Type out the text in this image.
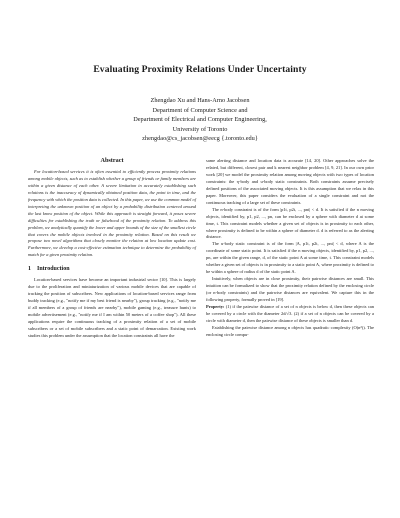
Evaluating Proximity Relations Under Uncertainty
Zhengdao Xu and Hans-Arno Jacobsen
Department of Computer Science and
Department of Electrical and Computer Engineering,
University of Toronto
zhengdao@cs_jacobsen@eecg {.toronto.edu}
Abstract

For location-based services it is often essential to efficiently process proximity relations among mobile objects, such as to establish whether a group of friends or family members are within a given distance of each other. A severe limitation in accurately establishing such relations is the inaccuracy of dynamically obtained position data, the point in time, and the frequency with which the position data is collected. In this paper, we use the common model of interpreting the unknown position of an object by a probability distribution centered around the last know position of the object. While this approach is straight forward, it poses severe difficulties for establishing the truth or falsehood of the proximity relation. To address this problem, we analytically quantify the lower and upper bounds of the size of the smallest circle that covers the mobile objects involved in the proximity relation. Based on this result we propose two novel algorithms that closely monitor the relation at low location update cost. Furthermore, we develop a cost-effective estimation technique to determine the probability of match for a given proximity relation.

1 Introduction

Location-based services have become an important industrial sector [10]. This is largely due to the proliferation and miniaturization of various mobile devices that are capable of tracking the position of subscribers. New applications of location-based services range from buddy tracking (e.g., "notify me if my best friend is nearby"), group tracking (e.g., "notify me if all members of a group of friends are nearby"), mobile gaming (e.g., treasure hunts) to mobile advertisement (e.g., "notify me if I am within 50 meters of a coffee shop"). All these applications require the continuous tracking of a proximity relation of a set of mobile subscribers or a set of mobile subscribers and a static point of demarcation. Existing work studies this problem under the assumption that the location constraints all have the

same alerting distance and location data is accurate [14, 20]. Other approaches solve the related, but different, closest pair and k nearest neighbor problem [4, 9, 21]. In our own prior work [20] we model the proximity relation among moving objects with two types of location constraints: the η-body and u-body static constraints. Both constraints assume precisely defined positions of the associated moving objects. It is this assumption that we relax in this paper. Moreover, this paper considers the evaluation of a single constraint and not the continuous tracking of a large set of these constraints.

The n-body constraint is of the form |p1t, p2t, ..., pnt| < d. It is satisfied if the n moving objects, identified by, p1, p2, ..., pn, can be enclosed by a sphere with diameter d at some time, t. This constraint models whether a given set of objects is in proximity to each other, where proximity is defined to be within a sphere of diameter d. d is referred to as the alerting distance.

The u-body static constraint is of the form |A, p1t, p2t, ..., pnt| < d, where A is the coordinate of some static point. It is satisfied if the n moving objects, identified by, p1, p2, ..., pn, are within the given range, d, of the static point A at some time, t. This constraint models whether a given set of objects is in proximity to a static point A, where proximity is defined to be within a sphere of radius d of the static point A.

Intuitively, when objects are in close proximity, their pairwise distances are small. This intuition can be formalized to show that the proximity relation defined by the enclosing circle (or n-body constraints) and the pairwise distances are equivalent. We capture this in the following property, formally proved in [19].

Property: (1) if the pairwise distance of a set of n objects is below d, then these objects can be covered by a circle with the diameter 2d/√3. (2) if a set of n objects can be covered by a circle with diameter d, then the pairwise distance of these objects is smaller than d.

Establishing the pairwise distance among n objects has quadratic complexity (O(n²)). The enclosing circle compu-
